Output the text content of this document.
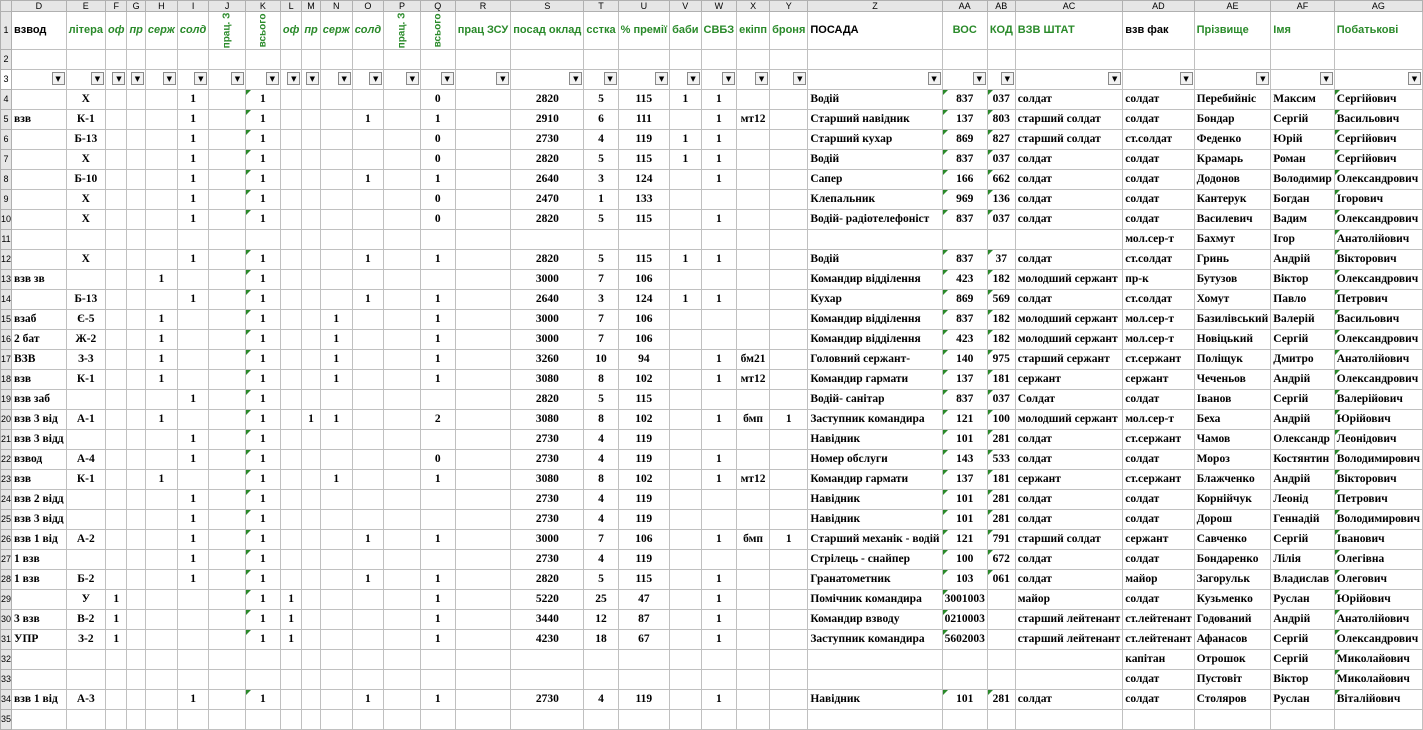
	D	E	F	G	H	I	J	K	L	M	N	O	P	Q	R	S	T	U	V	W	X	Y	Z	AA	AB	AC	AD	AE	AF	AG
1	взвод	літера	оф	пр	серж	солд	прац. З	всього	оф	пр	серж	солд	прац. З	всього	прац ЗСУ	посад оклад	сстка	% премії	баби	СВБЗ	екіпп	броня	ПОСАДА	ВОС	КОД	ВЗВ ШТАТ	взв фак	Прізвище	Імя	Побатькові
2																														
3	▼	▼	▼	▼	▼	▼	▼	▼	▼	▼	▼	▼	▼	▼	▼	▼	▼	▼	▼	▼	▼	▼	▼	▼	▼	▼	▼	▼	▼	▼

4		Х				1		1						0		2820	5	115	1	1			Водій	837	037	солдат	солдат	Перебийніс	Максим	Сергійович
5	взв	К-1				1		1				1		1		2910	6	111		1	мт12		Старший навідник	137	803	старший солдат	солдат	Бондар	Сергій	Васильович
6		Б-13				1		1						0		2730	4	119	1	1			Старший кухар	869	827	старший солдат	ст.солдат	Феденко	Юрій	Сергійович
7		Х				1		1						0		2820	5	115	1	1			Водій	837	037	солдат	солдат	Крамарь	Роман	Сергійович
8		Б-10				1		1				1		1		2640	3	124		1			Сапер	166	662	солдат	солдат	Додонов	Володимир	Олександрович
9		Х				1		1						0		2470	1	133					Клепальник	969	136	солдат	солдат	Кантерук	Богдан	Ігорович
10		Х				1		1						0		2820	5	115		1			Водій- радіотелефоніст	837	037	солдат	солдат	Василевич	Вадим	Олександрович
11																											мол.сер-т	Бахмут	Ігор	Анатолійович
12		Х				1		1				1		1		2820	5	115	1	1			Водій	837	37	солдат	ст.солдат	Гринь	Андрій	Вікторович
13	взв зв				1			1								3000	7	106					Командир відділення	423	182	молодший сержант	пр-к	Бутузов	Віктор	Олександрович
14		Б-13				1		1				1		1		2640	3	124	1	1			Кухар	869	569	солдат	ст.солдат	Хомут	Павло	Петрович
15	взаб	Є-5			1			1			1			1		3000	7	106					Командир відділення	837	182	молодший сержант	мол.сер-т	Базилівський	Валерій	Васильович
16	2 бат	Ж-2			1			1			1			1		3000	7	106					Командир відділення	423	182	молодший сержант	мол.сер-т	Новіцький	Сергій	Олександрович
17	ВЗВ	З-3			1			1			1			1		3260	10	94		1	бм21		Головний сержант-	140	975	старший сержант	ст.сержант	Поліщук	Дмитро	Анатолійович
18	взв	К-1			1			1			1			1		3080	8	102		1	мт12		Командир гармати	137	181	сержант	сержант	Чеченьов	Андрій	Олександрович
19	взв заб					1		1								2820	5	115					Водій- санітар	837	037	Солдат	солдат	Іванов	Сергій	Валерійович
20	взв 3 від	А-1			1			1		1	1			2		3080	8	102		1	бмп	1	Заступник командира	121	100	молодший сержант	мол.сер-т	Беха	Андрій	Юрійович
21	взв 3 відд					1		1								2730	4	119					Навідник	101	281	солдат	ст.сержант	Чамов	Олександр	Леонідович
22	взвод	А-4				1		1						0		2730	4	119		1			Номер обслуги	143	533	солдат	солдат	Мороз	Костянтин	Володимирович
23	взв	К-1			1			1			1			1		3080	8	102		1	мт12		Командир гармати	137	181	сержант	ст.сержант	Блажченко	Андрій	Вікторович
24	взв 2 відд					1		1								2730	4	119					Навідник	101	281	солдат	солдат	Корнійчук	Леонід	Петрович
25	взв 3 відд					1		1								2730	4	119					Навідник	101	281	солдат	солдат	Дорош	Геннадій	Володимирович
26	взв 1 від	А-2				1		1				1		1		3000	7	106		1	бмп	1	Старший механік - водій	121	791	старший солдат	сержант	Савченко	Сергій	Іванович
27	1 взв					1		1								2730	4	119					Стрілець - снайпер	100	672	солдат	солдат	Бондаренко	Лілія	Олегівна
28	1 взв	Б-2				1		1				1		1		2820	5	115		1			Гранатометник	103	061	солдат	майор	Загорульк	Владислав	Олегович
29		У	1					1	1					1		5220	25	47		1			Помічник командира	3001003		майор	солдат	Кузьменко	Руслан	Юрійович
30	3 взв	В-2	1					1	1					1		3440	12	87		1			Командир взводу	0210003		старший лейтенант	ст.лейтенант	Годований	Андрій	Анатолійович
31	УПР	З-2	1					1	1					1		4230	18	67		1			Заступник командира	5602003		старший лейтенант	ст.лейтенант	Афанасов	Сергій	Олександрович
32																											капітан	Отрошок	Сергій	Миколайович
33																											солдат	Пустовіт	Віктор	Миколайович
34	взв 1 від	А-3				1		1				1		1		2730	4	119		1			Навідник	101	281	солдат	солдат	Столяров	Руслан	Віталійович
35																														
